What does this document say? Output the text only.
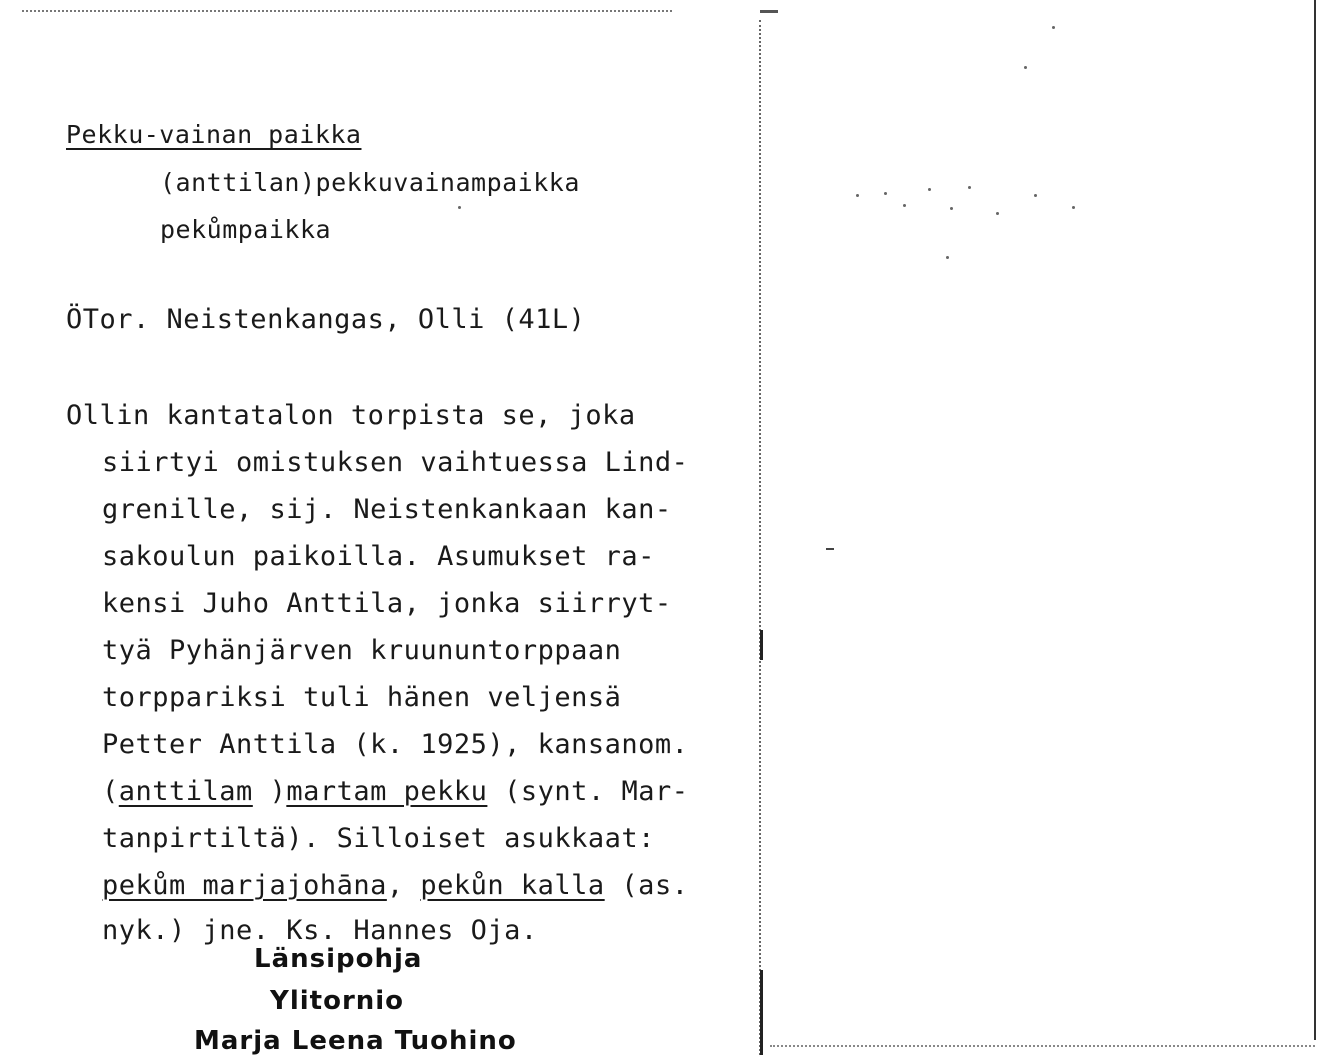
Pekku-vainan paikka
(anttilan)pekkuvainampaikka
pekůmpaikka
ÖTor. Neistenkangas, Olli (41L)
Ollin kantatalon torpista se, joka
siirtyi omistuksen vaihtuessa Lind-
grenille, sij. Neistenkankaan kan-
sakoulun paikoilla. Asumukset ra-
kensi Juho Anttila, jonka siirryt-
tyä Pyhänjärven kruununtorppaan
torppariksi tuli hänen veljensä
Petter Anttila (k. 1925), kansanom.
(anttilam )martam pekku (synt. Mar-
tanpirtiltä). Silloiset asukkaat:
pekům marjajohāna, pekůn kalla (as.
nyk.) jne. Ks. Hannes Oja.
Länsipohja
Ylitornio
Marja Leena Tuohino
